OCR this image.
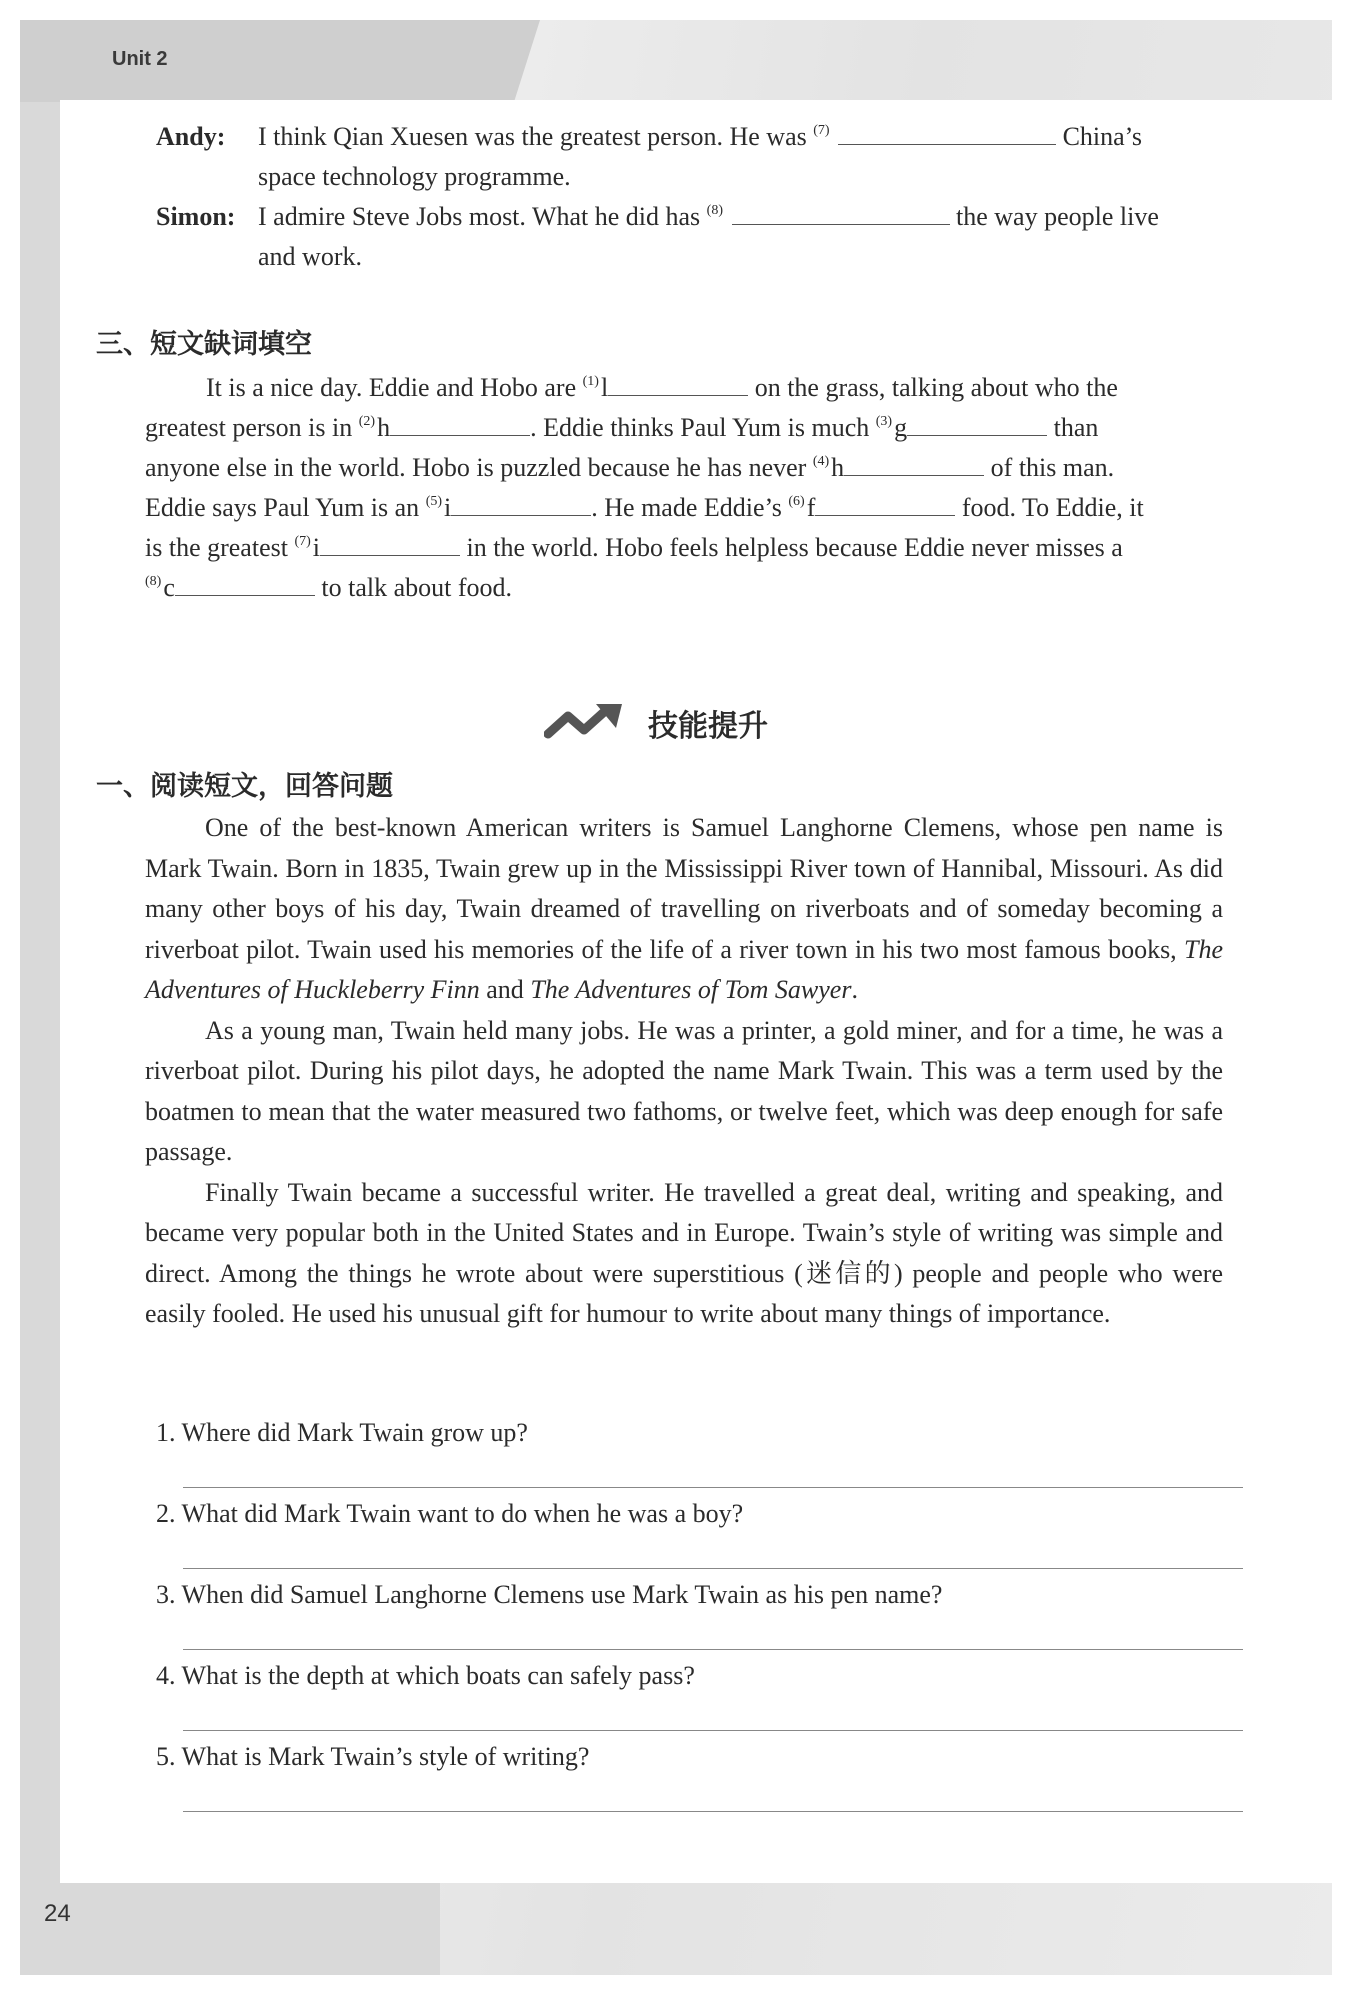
Unit 2
24
Andy: I think Qian Xuesen was the greatest person. He was $^{(7)}$	China’s
space technology programme.
Simon: I admire Steve Jobs most. What he did has $^{(8)}$	the way people live
and work.
三、短文缺词填空
It is a nice day. Eddie and Hobo are $^{(1)}$l	on the grass, talking about who the
greatest person is in $^{(2)}$h	. Eddie thinks Paul Yum is much $^{(3)}$g	than
anyone else in the world. Hobo is puzzled because he has never $^{(4)}$h	of this man.
Eddie says Paul Yum is an $^{(5)}$i	. He made Eddie’s $^{(6)}$f	food. To Eddie, it
is the greatest $^{(7)}$i	in the world. Hobo feels helpless because Eddie never misses a
$^{(8)}$c	to talk about food.
技能提升
一、阅读短文，回答问题

One of the best-known American writers is Samuel Langhorne Clemens, whose pen name is Mark Twain. Born in 1835, Twain grew up in the Mississippi River town of Hannibal, Missouri. As did many other boys of his day, Twain dreamed of travelling on riverboats and of someday becoming a riverboat pilot. Twain used his memories of the life of a river town in his two most famous books, The Adventures of Huckleberry Finn and The Adventures of Tom Sawyer.

As a young man, Twain held many jobs. He was a printer, a gold miner, and for a time, he was a riverboat pilot. During his pilot days, he adopted the name Mark Twain. This was a term used by the boatmen to mean that the water measured two fathoms, or twelve feet, which was deep enough for safe passage.

Finally Twain became a successful writer. He travelled a great deal, writing and speaking, and became very popular both in the United States and in Europe. Twain’s style of writing was simple and direct. Among the things he wrote about were superstitious (迷信的) people and people who were easily fooled. He used his unusual gift for humour to write about many things of importance.

1. Where did Mark Twain grow up?
2. What did Mark Twain want to do when he was a boy?
3. When did Samuel Langhorne Clemens use Mark Twain as his pen name?
4. What is the depth at which boats can safely pass?
5. What is Mark Twain’s style of writing?
